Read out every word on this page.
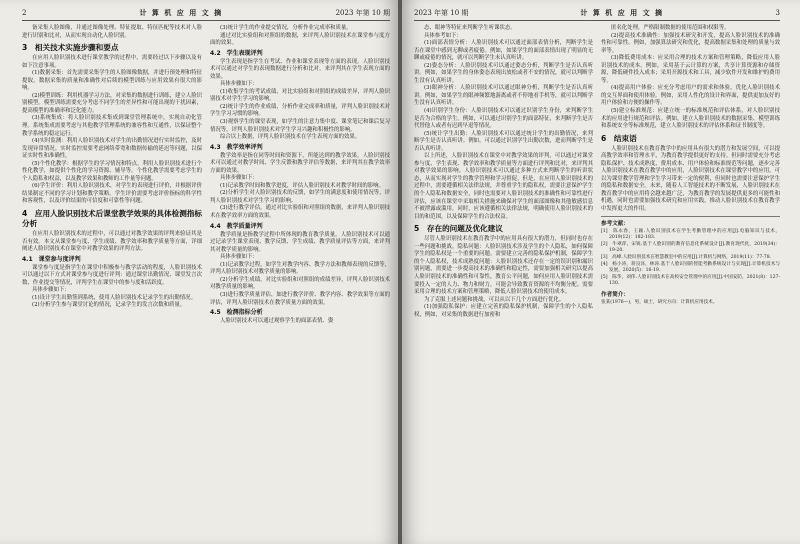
2	计 算 机 应 用 文 摘	2023 年第 10 期

备采集人脸图像，并通过图像处理、特征提取、特征匹配等技术对人脸进行识别和比对，从而实现自动化人脸识别。

3　相关技术实施步骤和要点

在应用人脸识别技术进行课堂教学的过程中，需要经过以下步骤以及有如下注意事项。

(1)数据采集：首先需要采集学生的人脸图像数据，并进行预处理和特征提取。数据采集的质量和准确性对后续的模型训练与应用效果有很大的影响。

(2)模型训练：利用机器学习方法，对采集的数据进行训练，建立人脸识别模型。模型训练需要充分考虑不同学生的差异性和可能出现的干扰因素，提高模型的准确率和泛化能力。

(3)系统集成：将人脸识别技术集成到课堂管理系统中，实现自动化管理。系统集成需要考虑与其他教学管理系统的兼容性和互通性，以保证整个教学系统的稳定运行。

(4)实时监测：利用人脸识别技术对学生的出勤情况进行实时监控，及时发现异常情况。实时监控需要考虑网络带宽和数据传输的延迟等问题，以保证实时性和准确性。

(5)个性化教学：根据学生的学习情况和特点，利用人脸识别技术进行个性化教学，如提供个性化的学习资源、辅导等。个性化教学需要考虑学生的个人隐私和权益，以及教学效果和教师的工作量等问题。

(6)学生评价：利用人脸识别技术，对学生的表现进行评价，并根据评价结果制定不同的学习计划和教学策略。学生评价需要考虑评价指标的科学性和客观性，以及评价结果的可信度和可靠性等问题。

4　应用人脸识别技术后课堂教学效果的具体检测指标分析

在应用人脸识别技术的过程中，可以通过对教学效果的评判来验证其是否有效。本文从课堂参与度、学生成绩、教学效率和教学质量等方面，详细阐述人脸识别技术在课堂中对教学效果的评判方法。

4.1　课堂参与度评判

课堂参与度是指学生在课堂中积极参与教学活动的程度，人脸识别技术可以通过以下方式对课堂参与度进行评判：通过课堂出勤情况、课堂发言次数、作业提交等情况，评判学生在课堂中的参与度和活跃度。

具体步骤如下：

(1)设计学生出勤签到系统，使用人脸识别技术记录学生的出勤情况。

(2)分析学生参与课堂讨论的情况，记录学生的发言次数和质量。

(3)统计学生的作业提交情况，分析作业完成率和质量。

通过对比实验组和对照组的数据，来评判人脸识别技术在课堂参与度方面的效果。

4.2　学生表现评判

学生表现是指学生在考试、作业和课堂表现等方面的表现。人脸识别技术可以通过对学生的表现数据进行分析和比对，来评判其在学生表现方面的效果。

具体步骤如下：

(1)收集学生的考试成绩，对比实验组和对照组的成绩差异，评判人脸识别技术对学生学习的影响。

(2)统计学生的作业成绩，分析作业完成率和质量，评判人脸识别技术对学生学习习惯的影响。

(3)观察学生的课堂表现，如学生的注意力集中度、课堂笔记和课后复习情况等，评判人脸识别技术对学生学习兴趣和积极性的影响。

综合以上数据，评判人脸识别技术在学生表现方面的效果。

4.3　教学效率评判

教学效率是指在同等时间和资源下，所能达到的教学效果。人脸识别技术可以通过对教学时间、学生反馈和教学评估等数据，来评判其在教学效率方面的效果。

具体步骤如下：

(1)记录教学时间和教学进度，评估人脸识别技术对教学时间的影响。

(2)分析学生对人脸识别技术的反馈，如学生的满意度和使用情况等，评判人脸识别技术对学生学习的影响。

(3)进行教学评估，通过对比实验组和对照组的数据，来评判人脸识别技术在教学效率方面的效果。

4.4　教学质量评判

教学质量是指教学过程中所体现的教育教学质量。人脸识别技术可以通过记录学生课堂表现、教学反馈、学生成绩、教学质量评估等方面，来评判其对教学质量的影响。

具体步骤如下：

(1)记录教学过程，如学生对教学内容、教学方法和教师表现的反馈等，评判人脸识别技术对教学质量的影响。

(2)分析学生成绩，对比实验组和对照组的成绩差异，评判人脸识别技术对教学质量的影响。

(3)进行教学质量评估，如进行教学评价、教学内容、教学效果等方面的评估，评判人脸识别技术在教学质量方面的效果。

4.5　检测指标分析

人脸识别技术可以通过观察学生的面部表情、姿

2023 年第 10 期	计 算 机 应 用 文 摘	3

态、眼神等特征来判断学生听课状态。

具体参考如下：

(1)面部表情分析：人脸识别技术可以通过面部表情分析，判断学生是否在课堂中感到无聊或者疲倦。例如，如果学生的面部表情出现了明显的无聊或疲倦的情况，就可以判断学生未认真听讲。

(2)姿态分析：人脸识别技术可以通过姿态分析，判断学生是否认真听讲。例如，如果学生的身体姿态表现出放松或者不安的情况，就可以判断学生没有认真听讲。

(3)眼神分析：人脸识别技术可以通过眼神分析，判断学生是否认真听讲。例如，如果学生的眼神频繁地游离或者不停地看手机等，就可以判断学生没有认真听讲。

(4)识别学生身份：人脸识别技术可以通过识别学生身份，来判断学生是否为合格的学生。例如，可以通过识别学生的面部特征，来判断学生是否代替他人或者有迟到早退等情况。

(5)统计学生出勤：人脸识别技术可以通过统计学生的出勤情况，来判断学生是否认真听讲。例如，可以通过识别学生出勤次数，进而判断学生是否认真听讲。

以上所述，人脸识别技术在课堂中对教学效果的评判，可以通过对课堂参与度、学生表现、教学效率和教学质量等方面进行评判和比对，来评判其对教学效果的影响。人脸识别技术可以通过多种方式来判断学生的听讲状态，从而实现对学生的教学管理和学习督促。但是，在应用人脸识别技术的过程中，需要遵循相关法律法规，并尊重学生的隐私权，需要注意保护学生的个人隐私和数据安全，同时也需要对人脸识别技术的准确性和可靠性进行评估，应该在课堂中采取相关措施来确保对学生的面部图像和其他敏感信息不被泄露或滥用。同时，应该遵循相关法律法规，明确使用人脸识别技术的目的和范围，以及保障学生的合法权益。

5　存在的问题及优化建议

尽管人脸识别技术在教育教学中的应用具有很大的潜力，但同时也存在一些问题和挑战，隐私问题：人脸识别技术涉及学生的个人隐私，如何保障学生的隐私权是一个重要的问题。需要建立完善的隐私保护机制，保障学生的个人隐私权，技术成熟度问题：人脸识别技术还存在一定的误识别和漏识别问题，需要进一步提高技术的准确性和稳定性，需要加强相关研究以提高人脸识别技术的准确性和可靠性，教育公平问题，如何应用人脸识别技术需要投入一定的人力、物力和财力，可能会导致教育资源的不均衡分配。需要采用合理的技术方案和管理策略，降低人脸识别技术的使用成本。

为了克服上述问题和挑战，可以从以下几个方面进行优化。

(1)加强隐私保护：应建立完善的隐私保护机制，保障学生的个人隐私权，例如，对采集的数据进行加密和

匿名化处理，严格限制数据的使用范围和权限等。

(2)提高技术准确性：加强技术研究和开发，提高人脸识别技术的准确性和可靠性。例如，加强算法研究和优化，提高数据采集和处理的质量与效率等。

(3)降低费用成本：应采用合理的技术方案和管理策略，降低应用人脸识别技术的成本。例如，采用基于云计算的方案，共享计算资源和存储资源，降低硬件投入成本；采用开源技术和工具，减少软件开发和维护的费用等。

(4)提高用户体验：应充分考虑用户的需求和体验，优化人脸识别技术的交互界面和使用体验。例如，采用人性化的设计和界面，提供更加友好的用户体验和方便的操作等。

(5)建立标准规范：应建立统一的标准规范和评估体系，对人脸识别技术的应用进行规范和评估。例如，建立人脸识别技术的数据采集、模型训练和系统安全等标准规范，建立人脸识别技术的评估体系和证书制度等。

6　结束语

人脸识别技术在教育教学中的应用具有很大的潜力和发展空间，可以提高教学效率和管理水平，为教育教学提供更好的支持。但同时需要充分考虑隐私保护、技术成熟度、费用成本、用户体验和标准规范等问题，逐步完善人脸识别技术在教育教学中的应用，人脸识别技术在课堂教学中的应用，可以为课堂教学管理和学生学习带来一定的便利，但同时也需要注意保护学生的隐私和数据安全。未来，随着人工智能技术的不断发展，人脸识别技术在教育教学中的应用将会越来越广泛，为教育教学的发展提供更多的可能性和机遇，同时也需要加强技术研究和应用实践，推动人脸识别技术在教育教学中发挥更大的作用。

参考文献：
[1]　陈永春，王颖.人脸识别技术在学生考勤管理中的应用[J].电脑知识与技术，2019(12)：182-183.
[2]　牛翠萍，宋锐.基于人脸识别的教育信息化系统设计[J].教育现代化，2019(34)：19-20.
[3]　高峰.人脸识别技术在智慧教室中的应用[J].计算机与网络，2019(11)：77-78.
[4]　杨小涛，蒋良泽，林涛.基于人脸识别的智能考勤系统设计与实现[J].计算机技术与发展，2020(5)：16-19.
[5]　陈华，刘伟.人脸识别技术在高校安全管理中的应用[J].中国安防，2021(8)：127-130.
作者简介：
张某(1976—)，男，硕士，研究方向：计算机应用技术。
